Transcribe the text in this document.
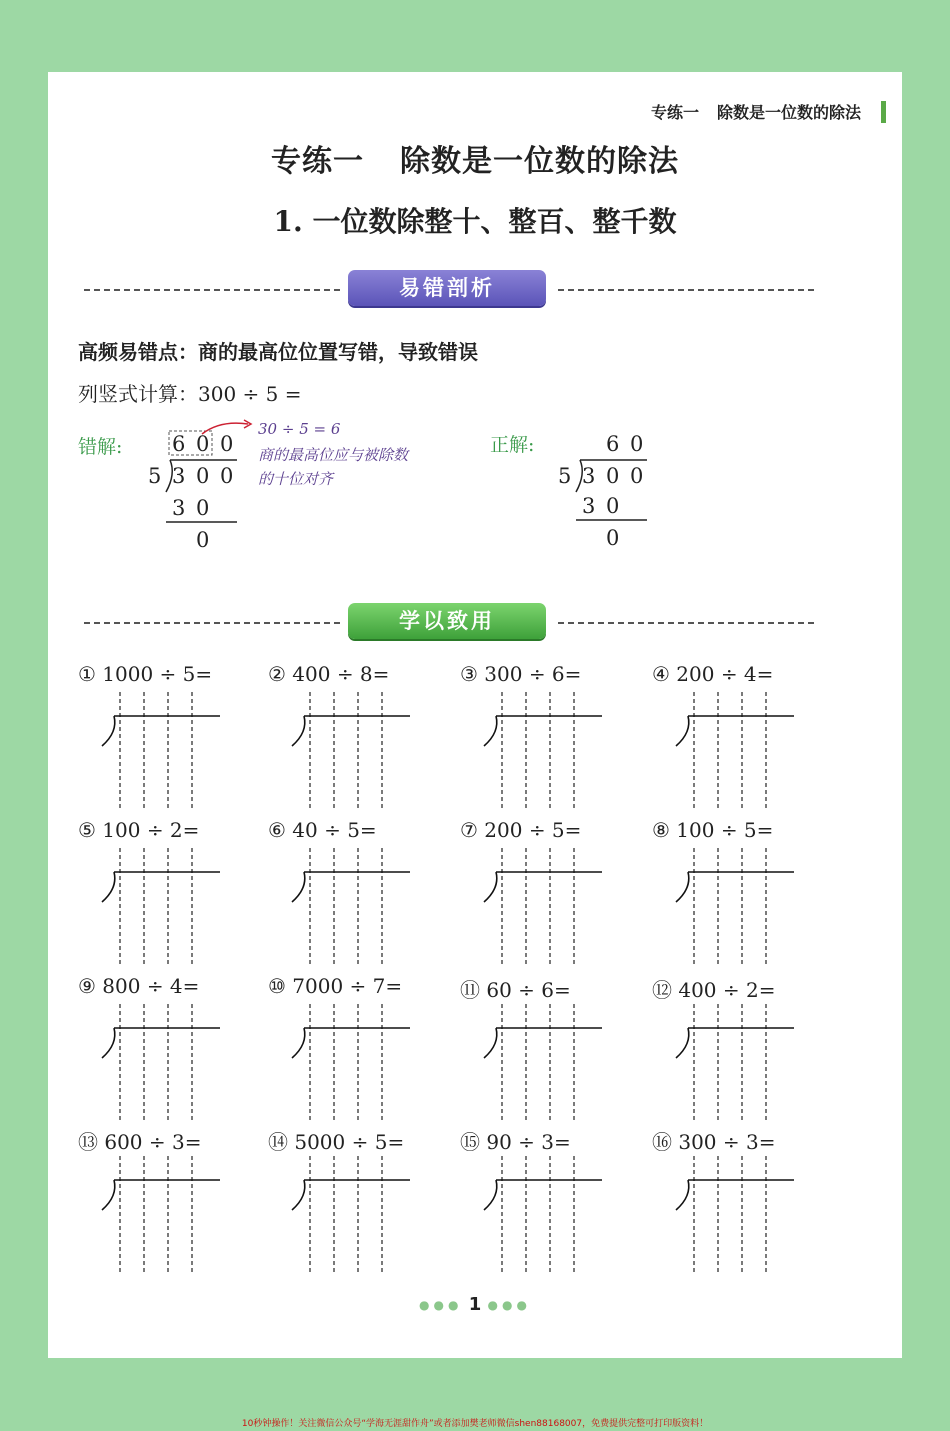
专练一 除数是一位数的除法
专练一 除数是一位数的除法
1. 一位数除整十、整百、整千数
易错剖析
高频易错点：商的最高位位置写错，导致错误
列竖式计算：300 ÷ 5 =
错解:	正解:
6 0 0
5 3 0 0
3 0
0
30 ÷ 5 = 6
商的最高位应与被除数
的十位对齐
6 0
5 3 0 0
3 0
0
学以致用
① 1000 ÷ 5=	② 400 ÷ 8=	③ 300 ÷ 6=	④ 200 ÷ 4=
⑤ 100 ÷ 2=	⑥ 40 ÷ 5=	⑦ 200 ÷ 5=	⑧ 100 ÷ 5=
⑨ 800 ÷ 4=	⑩ 7000 ÷ 7=	⑪ 60 ÷ 6=	⑫ 400 ÷ 2=
⑬ 600 ÷ 3=	⑭ 5000 ÷ 5=	⑮ 90 ÷ 3=	⑯ 300 ÷ 3=
●●● 1 ●●●
10秒钟操作！关注微信公众号“学海无涯甜作舟”或者添加樊老师微信shen88168007，免费提供完整可打印版资料！
